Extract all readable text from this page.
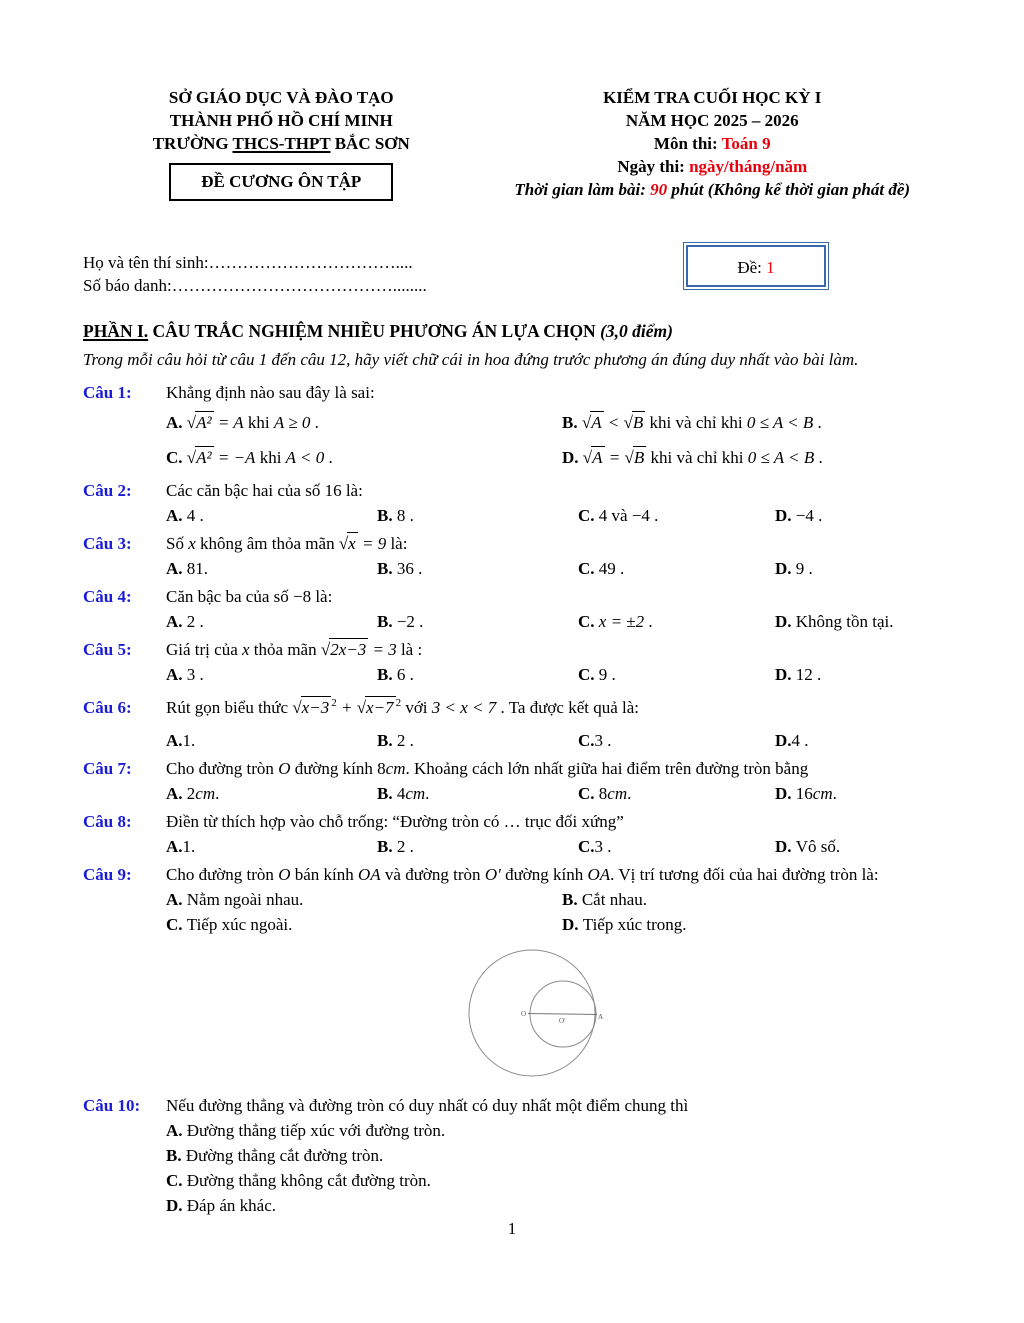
SỞ GIÁO DỤC VÀ ĐÀO TẠO
THÀNH PHỐ HỒ CHÍ MINH
TRƯỜNG THCS-THPT BẮC SƠN
ĐỀ CƯƠNG ÔN TẬP
KIỂM TRA CUỐI HỌC KỲ I
NĂM HỌC 2025 – 2026
Môn thi: Toán 9
Ngày thi: ngày/tháng/năm
Thời gian làm bài: 90 phút (Không kể thời gian phát đề)
Họ và tên thí sinh:……………………………....
Số báo danh:…………………………………........
Đề: 1
PHẦN I. CÂU TRẮC NGHIỆM NHIỀU PHƯƠNG ÁN LỰA CHỌN (3,0 điểm)
Trong mỗi câu hỏi từ câu 1 đến câu 12, hãy viết chữ cái in hoa đứng trước phương án đúng duy nhất vào bài làm.
Câu 1:	Khẳng định nào sau đây là sai:
A. √A² = A khi A ≥ 0 .	B. √A < √B khi và chỉ khi 0 ≤ A < B .
C. √A² = −A khi A < 0 .	D. √A = √B khi và chỉ khi 0 ≤ A < B .
Câu 2:	Các căn bậc hai của số 16 là:
A. 4 .	B. 8 .	C. 4 và −4 .	D. −4 .
Câu 3:	Số x không âm thỏa mãn √x = 9 là:
A. 81.	B. 36 .	C. 49 .	D. 9 .
Câu 4:	Căn bậc ba của số −8 là:
A. 2 .	B. −2 .	C. x = ±2 .	D. Không tồn tại.
Câu 5:	Giá trị của x thỏa mãn √2x−3 = 3 là :
A. 3 .	B. 6 .	C. 9 .	D. 12 .
Câu 6:	Rút gọn biểu thức √x−3 $^2$ + √x−7 $^2$ với 3 < x < 7 . Ta được kết quả là:
A.1.	B. 2 .	C.3 .	D.4 .
Câu 7:	Cho đường tròn O đường kính 8cm. Khoảng cách lớn nhất giữa hai điểm trên đường tròn bằng
A. 2cm.	B. 4cm.	C. 8cm.	D. 16cm.
Câu 8:	Điền từ thích hợp vào chỗ trống: “Đường tròn có … trục đối xứng”
A.1.	B. 2 .	C.3 .	D. Vô số.
Câu 9:	Cho đường tròn O bán kính OA và đường tròn O′ đường kính OA. Vị trí tương đối của hai đường tròn là:
A. Nằm ngoài nhau.	B. Cắt nhau.
C. Tiếp xúc ngoài.	D. Tiếp xúc trong.
O
O′	A
Câu 10:	Nếu đường thẳng và đường tròn có duy nhất có duy nhất một điểm chung thì
A. Đường thẳng tiếp xúc với đường tròn.
B. Đường thẳng cắt đường tròn.
C. Đường thẳng không cắt đường tròn.
D. Đáp án khác.
1
